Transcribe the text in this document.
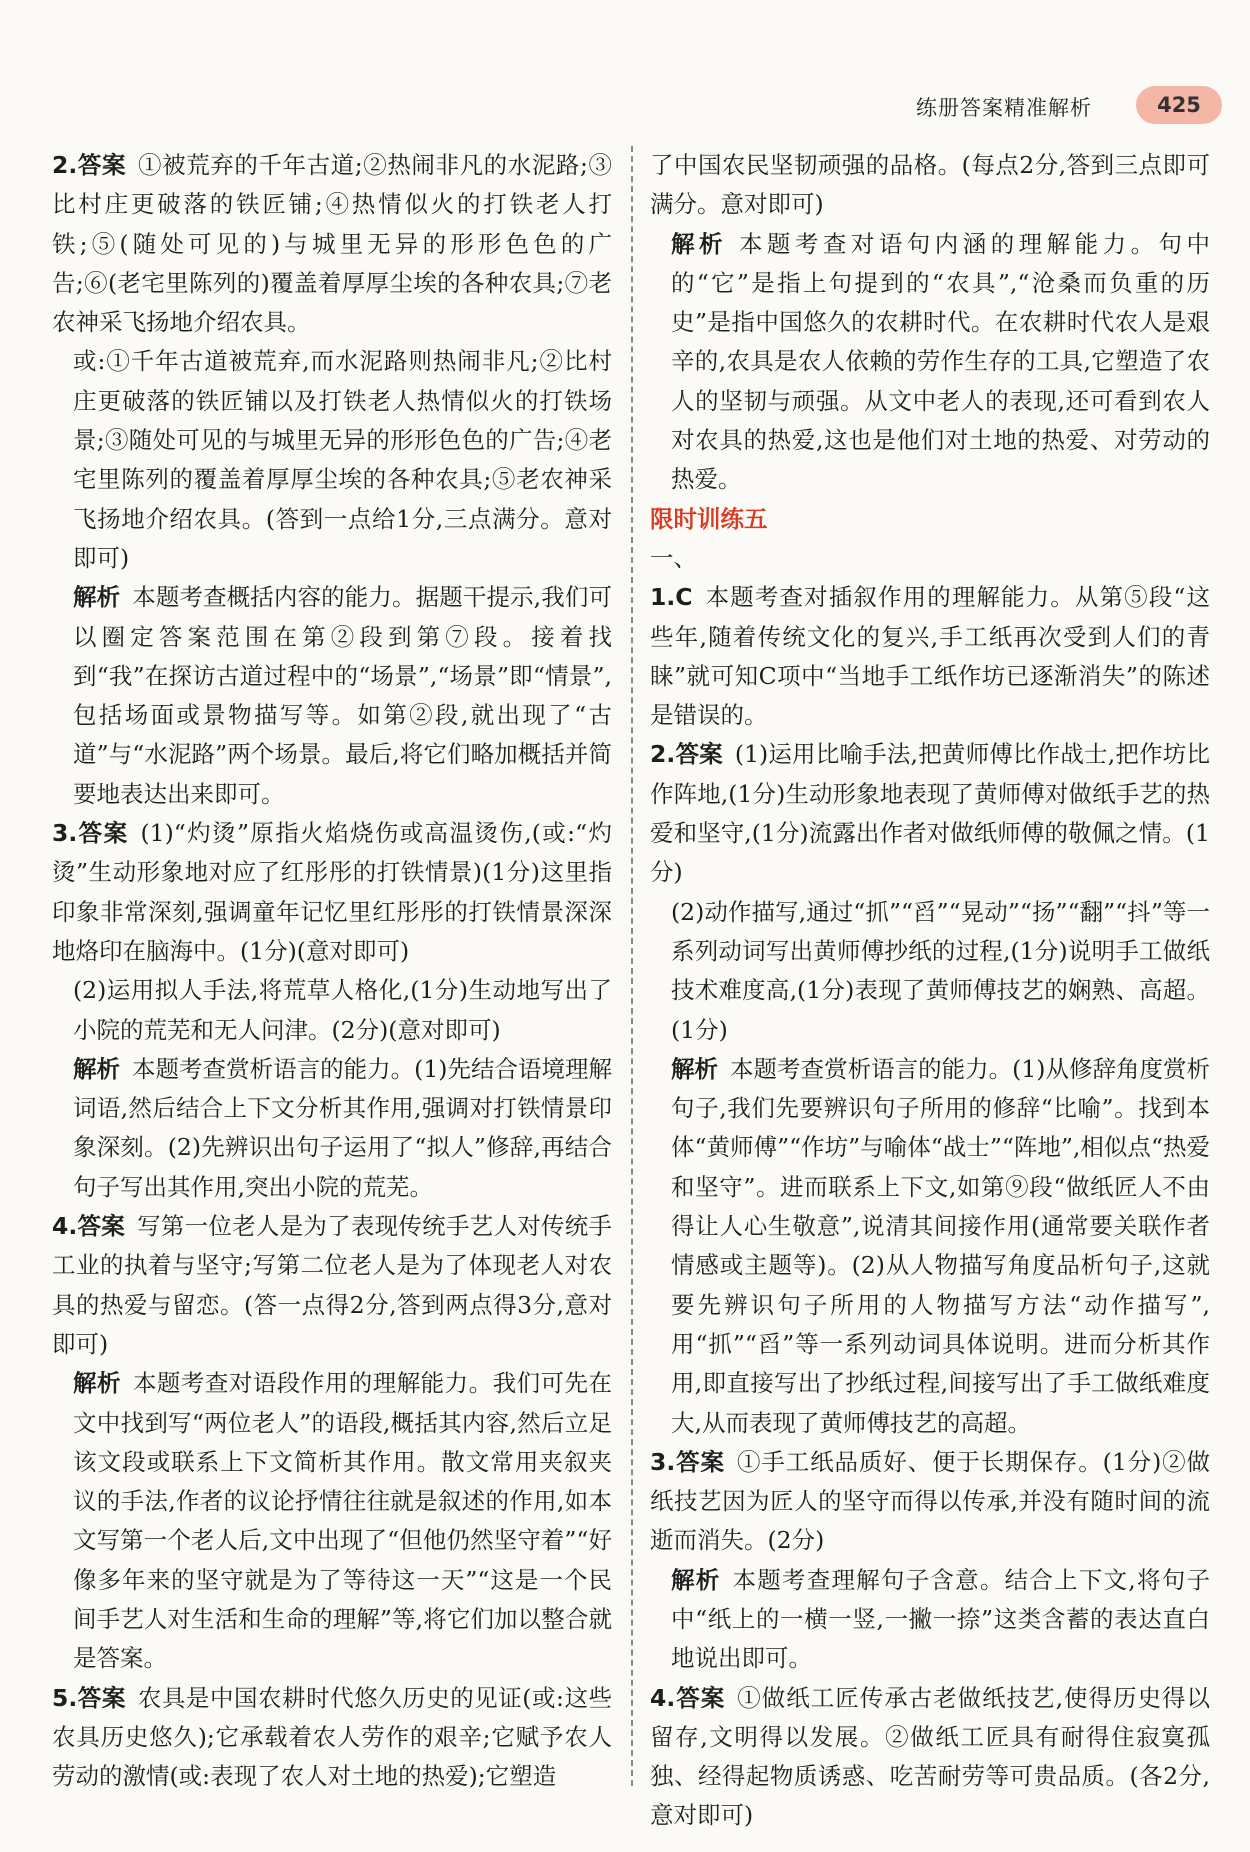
练册答案精准解析	425

2.答案 ①被荒弃的千年古道;②热闹非凡的水泥路;③比村庄更破落的铁匠铺;④热情似火的打铁老人打铁;⑤(随处可见的)与城里无异的形形色色的广告;⑥(老宅里陈列的)覆盖着厚厚尘埃的各种农具;⑦老农神采飞扬地介绍农具。

或:①千年古道被荒弃,而水泥路则热闹非凡;②比村庄更破落的铁匠铺以及打铁老人热情似火的打铁场景;③随处可见的与城里无异的形形色色的广告;④老宅里陈列的覆盖着厚厚尘埃的各种农具;⑤老农神采飞扬地介绍农具。(答到一点给1分,三点满分。意对即可)

解析 本题考查概括内容的能力。据题干提示,我们可以圈定答案范围在第②段到第⑦段。接着找到“我”在探访古道过程中的“场景”,“场景”即“情景”,包括场面或景物描写等。如第②段,就出现了“古道”与“水泥路”两个场景。最后,将它们略加概括并简要地表达出来即可。

3.答案 (1)“灼烫”原指火焰烧伤或高温烫伤,(或:“灼烫”生动形象地对应了红彤彤的打铁情景)(1分)这里指印象非常深刻,强调童年记忆里红彤彤的打铁情景深深地烙印在脑海中。(1分)(意对即可)

(2)运用拟人手法,将荒草人格化,(1分)生动地写出了小院的荒芜和无人问津。(2分)(意对即可)

解析 本题考查赏析语言的能力。(1)先结合语境理解词语,然后结合上下文分析其作用,强调对打铁情景印象深刻。(2)先辨识出句子运用了“拟人”修辞,再结合句子写出其作用,突出小院的荒芜。

4.答案 写第一位老人是为了表现传统手艺人对传统手工业的执着与坚守;写第二位老人是为了体现老人对农具的热爱与留恋。(答一点得2分,答到两点得3分,意对即可)

解析 本题考查对语段作用的理解能力。我们可先在文中找到写“两位老人”的语段,概括其内容,然后立足该文段或联系上下文简析其作用。散文常用夹叙夹议的手法,作者的议论抒情往往就是叙述的作用,如本文写第一个老人后,文中出现了“但他仍然坚守着”“好像多年来的坚守就是为了等待这一天”“这是一个民间手艺人对生活和生命的理解”等,将它们加以整合就是答案。

5.答案 农具是中国农耕时代悠久历史的见证(或:这些农具历史悠久);它承载着农人劳作的艰辛;它赋予农人劳动的激情(或:表现了农人对土地的热爱);它塑造

了中国农民坚韧顽强的品格。(每点2分,答到三点即可满分。意对即可)

解析 本题考查对语句内涵的理解能力。句中的“它”是指上句提到的“农具”,“沧桑而负重的历史”是指中国悠久的农耕时代。在农耕时代农人是艰辛的,农具是农人依赖的劳作生存的工具,它塑造了农人的坚韧与顽强。从文中老人的表现,还可看到农人对农具的热爱,这也是他们对土地的热爱、对劳动的热爱。

限时训练五

一、

1.C 本题考查对插叙作用的理解能力。从第⑤段“这些年,随着传统文化的复兴,手工纸再次受到人们的青睐”就可知C项中“当地手工纸作坊已逐渐消失”的陈述是错误的。

2.答案 (1)运用比喻手法,把黄师傅比作战士,把作坊比作阵地,(1分)生动形象地表现了黄师傅对做纸手艺的热爱和坚守,(1分)流露出作者对做纸师傅的敬佩之情。(1分)

(2)动作描写,通过“抓”“舀”“晃动”“扬”“翻”“抖”等一系列动词写出黄师傅抄纸的过程,(1分)说明手工做纸技术难度高,(1分)表现了黄师傅技艺的娴熟、高超。(1分)

解析 本题考查赏析语言的能力。(1)从修辞角度赏析句子,我们先要辨识句子所用的修辞“比喻”。找到本体“黄师傅”“作坊”与喻体“战士”“阵地”,相似点“热爱和坚守”。进而联系上下文,如第⑨段“做纸匠人不由得让人心生敬意”,说清其间接作用(通常要关联作者情感或主题等)。(2)从人物描写角度品析句子,这就要先辨识句子所用的人物描写方法“动作描写”,用“抓”“舀”等一系列动词具体说明。进而分析其作用,即直接写出了抄纸过程,间接写出了手工做纸难度大,从而表现了黄师傅技艺的高超。

3.答案 ①手工纸品质好、便于长期保存。(1分)②做纸技艺因为匠人的坚守而得以传承,并没有随时间的流逝而消失。(2分)

解析 本题考查理解句子含意。结合上下文,将句子中“纸上的一横一竖,一撇一捺”这类含蓄的表达直白地说出即可。

4.答案 ①做纸工匠传承古老做纸技艺,使得历史得以留存,文明得以发展。②做纸工匠具有耐得住寂寞孤独、经得起物质诱惑、吃苦耐劳等可贵品质。(各2分,意对即可)
